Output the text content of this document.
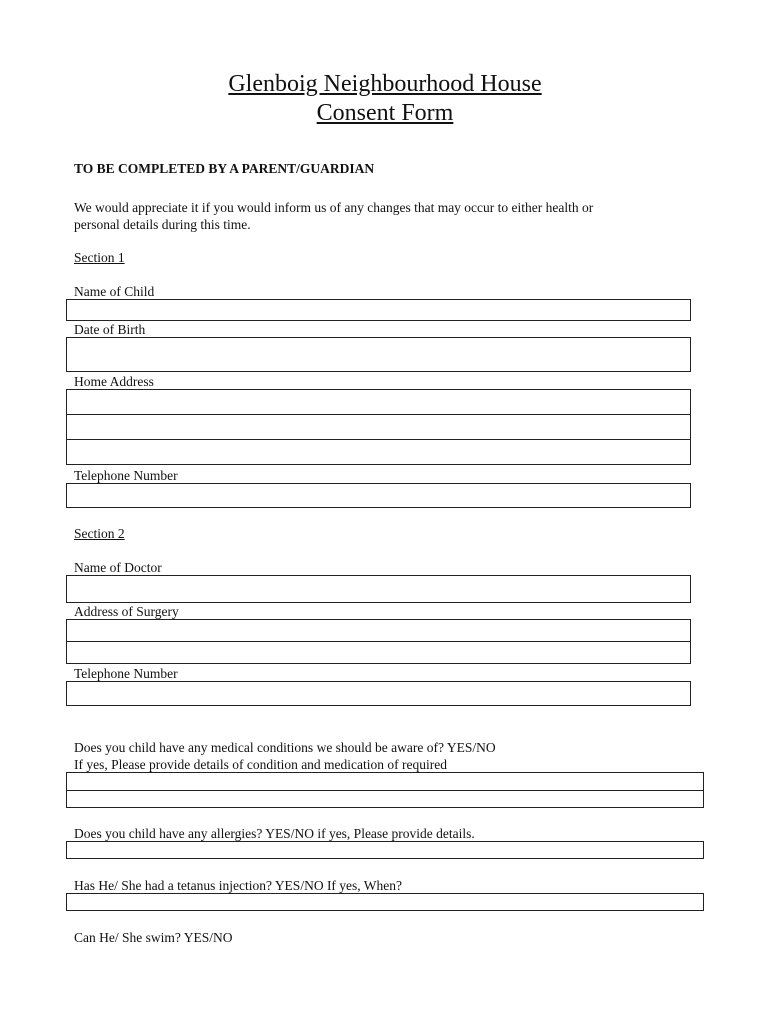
Glenboig Neighbourhood House
Consent Form

TO BE COMPLETED BY A PARENT/GUARDIAN

We would appreciate it if you would inform us of any changes that may occur to either health or

personal details during this time.

Section 1

Name of Child

Date of Birth

Home Address

Telephone Number

Section 2

Name of Doctor

Address of Surgery

Telephone Number

Does you child have any medical conditions we should be aware of? YES/NO

If yes, Please provide details of condition and medication of required

Does you child have any allergies? YES/NO if yes, Please provide details.

Has He/ She had a tetanus injection? YES/NO If yes, When?

Can He/ She swim? YES/NO
